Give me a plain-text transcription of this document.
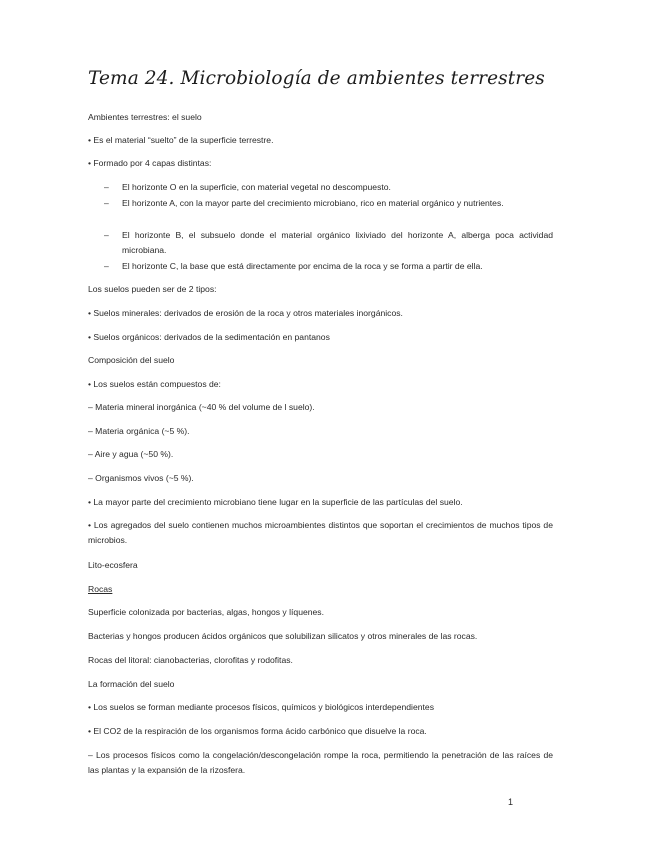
Tema 24. Microbiología de ambientes terrestres

Ambientes terrestres: el suelo

• Es el material “suelto” de la superficie terrestre.

• Formado por 4 capas distintas:

– El horizonte O en la superficie, con material vegetal no descompuesto.

– El horizonte A, con la mayor parte del crecimiento microbiano, rico en material orgánico y nutrientes.

– El horizonte B, el subsuelo donde el material orgánico lixiviado del horizonte A, alberga poca actividad microbiana.

– El horizonte C, la base que está directamente por encima de la roca y se forma a partir de ella.

Los suelos pueden ser de 2 tipos:

• Suelos minerales: derivados de erosión de la roca y otros materiales inorgánicos.

• Suelos orgánicos: derivados de la sedimentación en pantanos

Composición del suelo

• Los suelos están compuestos de:

– Materia mineral inorgánica (~40 % del volume de l suelo).

– Materia orgánica (~5 %).

– Aire y agua (~50 %).

– Organismos vivos (~5 %).

• La mayor parte del crecimiento microbiano tiene lugar en la superficie de las partículas del suelo.

• Los agregados del suelo contienen muchos microambientes distintos que soportan el crecimientos de muchos tipos de microbios.

Lito-ecosfera

Rocas

Superficie colonizada por bacterias, algas, hongos y líquenes.

Bacterias y hongos producen ácidos orgánicos que solubilizan silicatos y otros minerales de las rocas.

Rocas del litoral: cianobacterias, clorofitas y rodofitas.

La formación del suelo

• Los suelos se forman mediante procesos físicos, químicos y biológicos interdependientes

• El CO2 de la respiración de los organismos forma ácido carbónico que disuelve la roca.

– Los procesos físicos como la congelación/descongelación rompe la roca, permitiendo la penetración de las raíces de las plantas y la expansión de la rizosfera.

1
